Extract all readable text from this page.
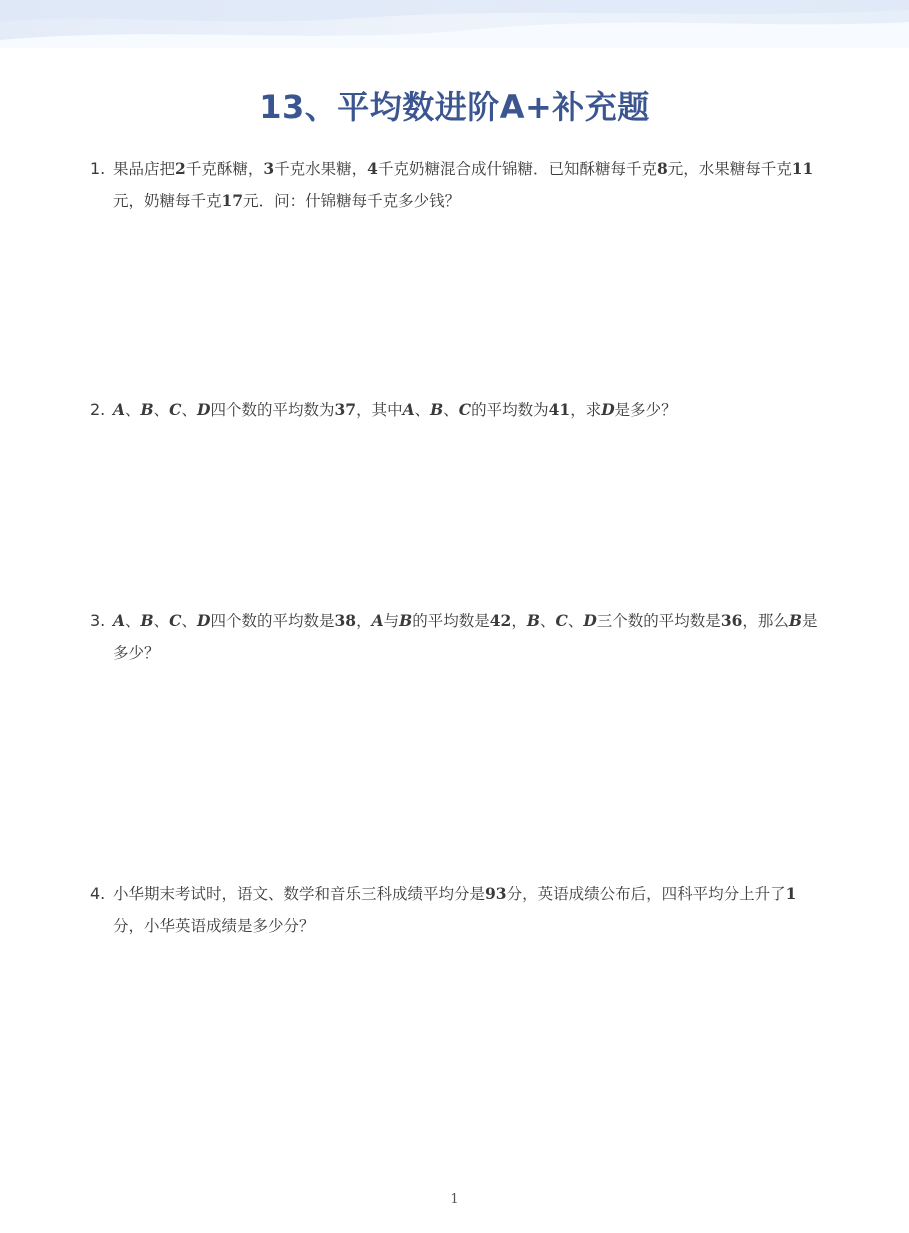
13、平均数进阶A+补充题
1. 果品店把2千克酥糖，3千克水果糖，4千克奶糖混合成什锦糖．已知酥糖每千克8元，水果糖每千克11元，奶糖每千克17元．问：什锦糖每千克多少钱？
2. A、B、C、D四个数的平均数为37，其中A、B、C的平均数为41，求D是多少？
3. A、B、C、D四个数的平均数是38，A与B的平均数是42，B、C、D三个数的平均数是36，那么B是多少？
4. 小华期末考试时，语文、数学和音乐三科成绩平均分是93分，英语成绩公布后，四科平均分上升了1分，小华英语成绩是多少分？
1
